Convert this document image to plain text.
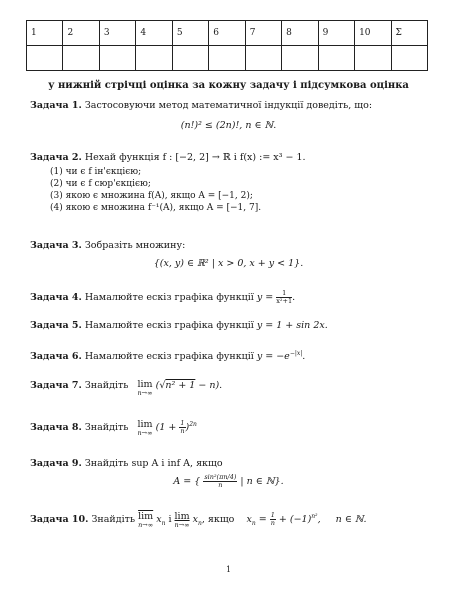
1	2	3	4	5	6	7	8	9	10	Σ

у нижній стрічці оцінка за кожну задачу і підсумкова оцінка
Задача 1. Застосовуючи метод математичної індукції доведіть, що:
(n!)² ≤ (2n)!, n ∈ ℕ.
Задача 2. Нехай функція f : [−2, 2] → ℝ і f(x) := x³ − 1.
(1) чи є f ін'єкцією;
(2) чи є f сюр'єкцією;
(3) якою є множина f(A), якщо A = [−1, 2);
(4) якою є множина f⁻¹(A), якщо A = [−1, 7].
Задача 3. Зобразіть множину:
{(x, y) ∈ ℝ² | x > 0, x + y < 1}.
Задача 4. Намалюйте ескіз графіка функції $y = \frac{1}{\text{x²+1}}$ .
Задача 5. Намалюйте ескіз графіка функції y = 1 + sin 2x.
Задача 6. Намалюйте ескіз графіка функції $y = -e^{-|x|}$.
Задача 7. Знайдіть lim
n→∞
(√n² + 1 − n).
Задача 8. Знайдіть lim
n→∞ $(1 + \frac{1}{n} )^{2n}$
Задача 9. Знайдіть sup A і inf A, якщо
A = { $\frac{\text{sin²(πn/4)}}{n}$ | n ∈ ℕ}.
Задача 10. Знайдіть $\overline{lim}$
n→∞ $x_n$ і lim
n→∞ $x_n$, якщо    $x_n = \frac{1}{n} + (-1)^{n^2}$,     n ∈ ℕ.
1
